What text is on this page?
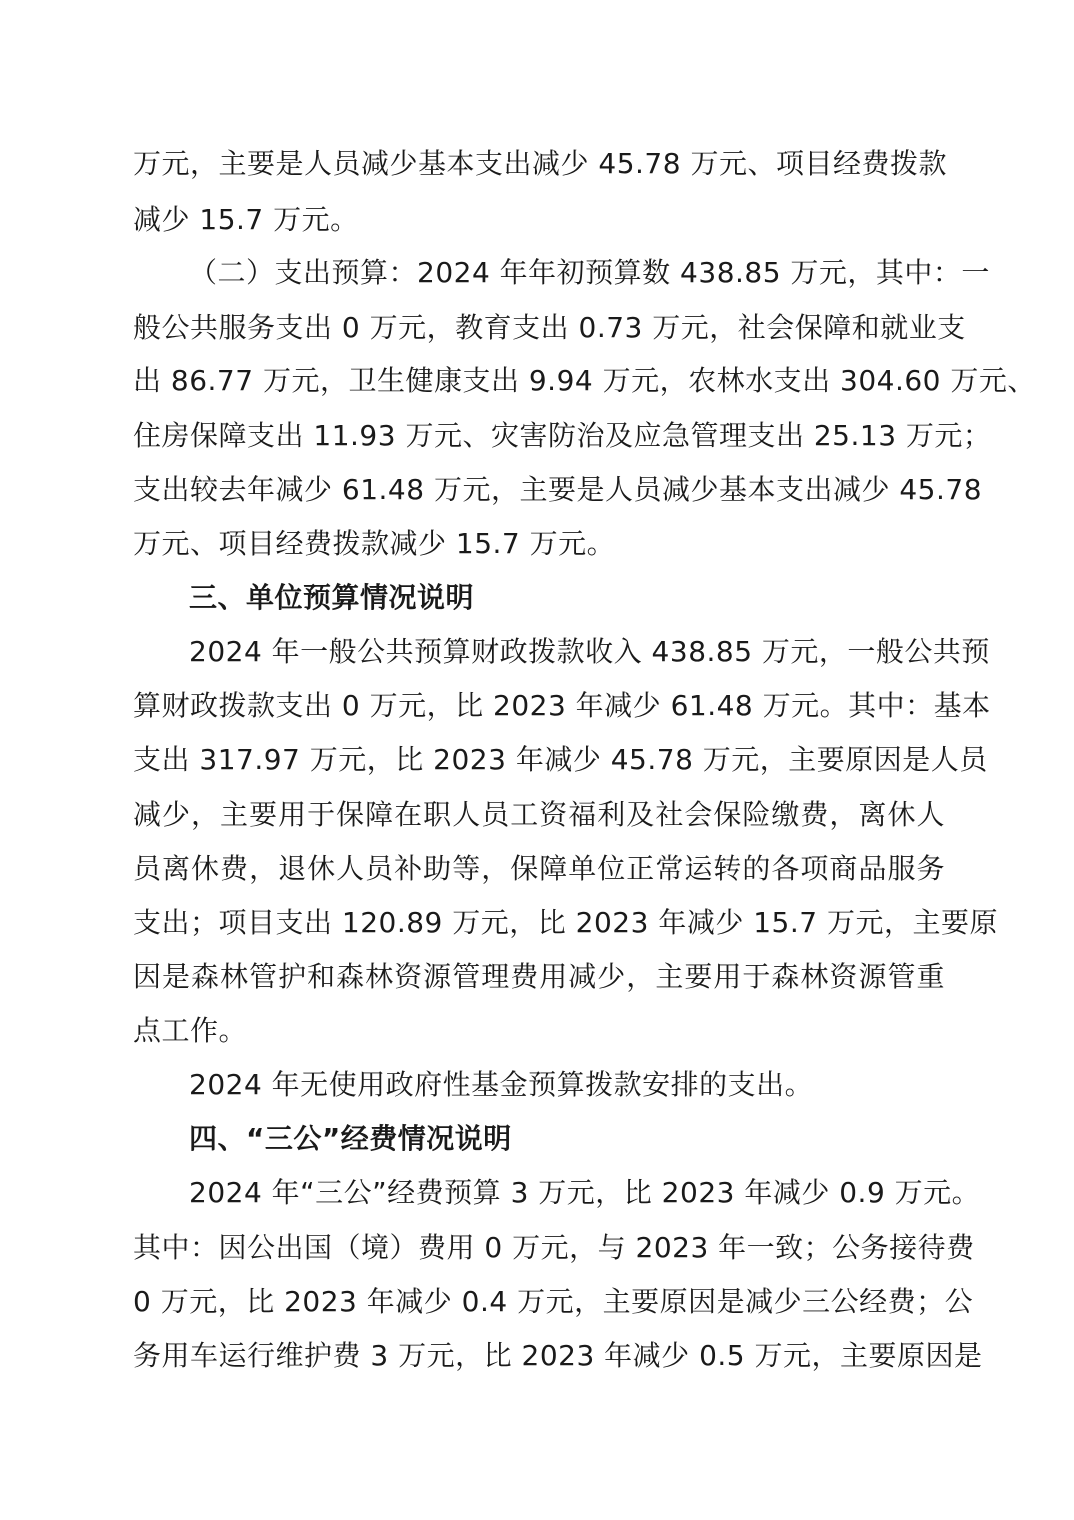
万元，主要是人员减少基本支出减少 45.78 万元、项目经费拨款
减少 15.7 万元。
（二）支出预算：2024 年年初预算数 438.85 万元，其中：一
般公共服务支出 0 万元，教育支出 0.73 万元，社会保障和就业支
出 86.77 万元，卫生健康支出 9.94 万元，农林水支出 304.60 万元、
住房保障支出 11.93 万元、灾害防治及应急管理支出 25.13 万元；
支出较去年减少 61.48 万元，主要是人员减少基本支出减少 45.78
万元、项目经费拨款减少 15.7 万元。
三、单位预算情况说明
2024 年一般公共预算财政拨款收入 438.85 万元，一般公共预
算财政拨款支出 0 万元，比 2023 年减少 61.48 万元。其中：基本
支出 317.97 万元，比 2023 年减少 45.78 万元，主要原因是人员
减少，主要用于保障在职人员工资福利及社会保险缴费，离休人
员离休费，退休人员补助等，保障单位正常运转的各项商品服务
支出；项目支出 120.89 万元，比 2023 年减少 15.7 万元，主要原
因是森林管护和森林资源管理费用减少，主要用于森林资源管重
点工作。
2024 年无使用政府性基金预算拨款安排的支出。
四、“三公”经费情况说明
2024 年“三公”经费预算 3 万元，比 2023 年减少 0.9 万元。
其中：因公出国（境）费用 0 万元，与 2023 年一致；公务接待费
0 万元，比 2023 年减少 0.4 万元，主要原因是减少三公经费；公
务用车运行维护费 3 万元，比 2023 年减少 0.5 万元，主要原因是
